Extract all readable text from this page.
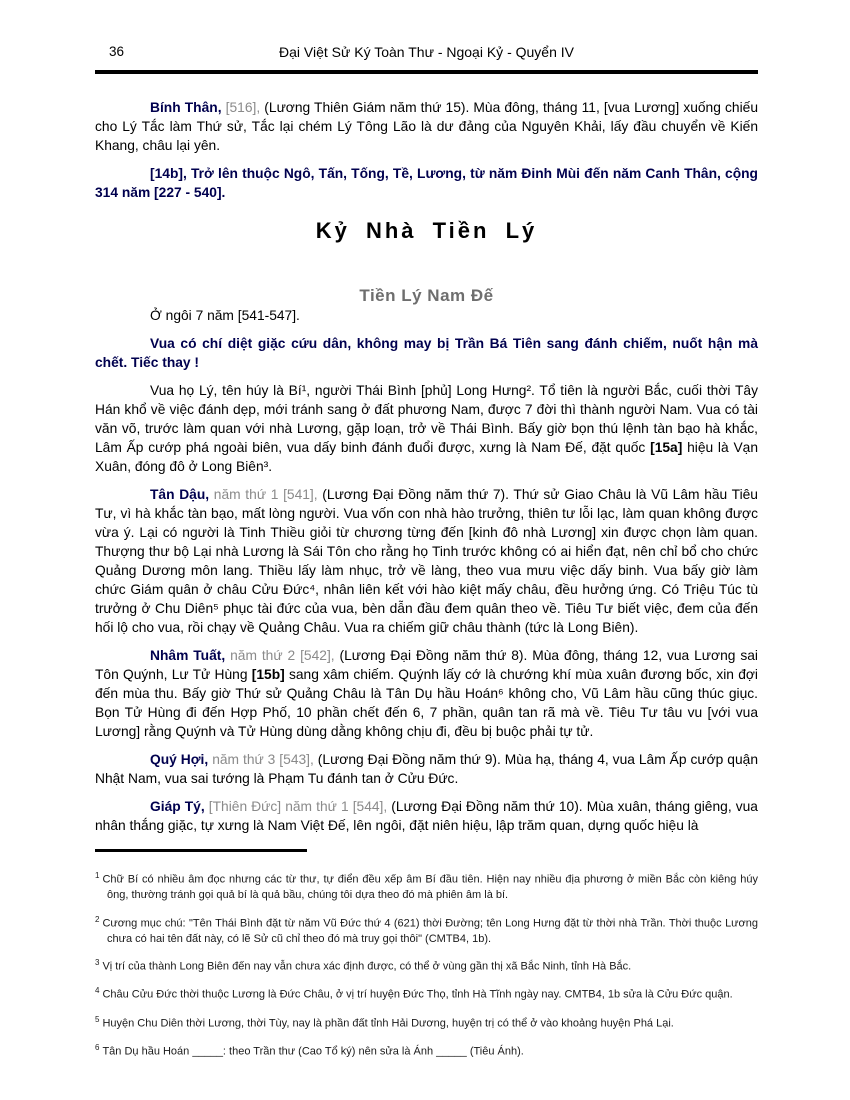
36	Đại Việt Sử Ký Toàn Thư - Ngoại Kỷ - Quyển IV

Bính Thân, [516], (Lương Thiên Giám năm thứ 15). Mùa đông, tháng 11, [vua Lương] xuống chiếu cho Lý Tắc làm Thứ sử, Tắc lại chém Lý Tông Lão là dư đảng của Nguyên Khải, lấy đầu chuyển về Kiến Khang, châu lại yên.

[14b], Trở lên thuộc Ngô, Tấn, Tống, Tề, Lương, từ năm Đinh Mùi đến năm Canh Thân, cộng 314 năm [227 - 540].

Kỷ Nhà Tiền Lý
Tiền Lý Nam Đế

Ở ngôi 7 năm [541-547].

Vua có chí diệt giặc cứu dân, không may bị Trần Bá Tiên sang đánh chiếm, nuốt hận mà chết. Tiếc thay !

Vua họ Lý, tên húy là Bí¹, người Thái Bình [phủ] Long Hưng². Tổ tiên là người Bắc, cuối thời Tây Hán khổ về việc đánh dẹp, mới tránh sang ở đất phương Nam, được 7 đời thì thành người Nam. Vua có tài văn võ, trước làm quan với nhà Lương, gặp loạn, trở về Thái Bình. Bấy giờ bọn thú lệnh tàn bạo hà khắc, Lâm Ấp cướp phá ngoài biên, vua dấy binh đánh đuổi được, xưng là Nam Đế, đặt quốc [15a] hiệu là Vạn Xuân, đóng đô ở Long Biên³.

Tân Dậu, năm thứ 1 [541], (Lương Đại Đồng năm thứ 7). Thứ sử Giao Châu là Vũ Lâm hầu Tiêu Tư, vì hà khắc tàn bạo, mất lòng người. Vua vốn con nhà hào trưởng, thiên tư lỗi lạc, làm quan không được vừa ý. Lại có người là Tinh Thiều giỏi từ chương từng đến [kinh đô nhà Lương] xin được chọn làm quan. Thượng thư bộ Lại nhà Lương là Sái Tôn cho rằng họ Tinh trước không có ai hiển đạt, nên chỉ bổ cho chức Quảng Dương môn lang. Thiều lấy làm nhục, trở về làng, theo vua mưu việc dấy binh. Vua bấy giờ làm chức Giám quân ở châu Cửu Đức⁴, nhân liên kết với hào kiệt mấy châu, đều hưởng ứng. Có Triệu Túc tù trưởng ở Chu Diên⁵ phục tài đức của vua, bèn dẫn đầu đem quân theo về. Tiêu Tư biết việc, đem của đến hối lộ cho vua, rồi chạy về Quảng Châu. Vua ra chiếm giữ châu thành (tức là Long Biên).

Nhâm Tuất, năm thứ 2 [542], (Lương Đại Đồng năm thứ 8). Mùa đông, tháng 12, vua Lương sai Tôn Quýnh, Lư Tử Hùng [15b] sang xâm chiếm. Quýnh lấy cớ là chướng khí mùa xuân đương bốc, xin đợi đến mùa thu. Bấy giờ Thứ sử Quảng Châu là Tân Dụ hầu Hoán⁶ không cho, Vũ Lâm hầu cũng thúc giục. Bọn Tử Hùng đi đến Hợp Phố, 10 phần chết đến 6, 7 phần, quân tan rã mà về. Tiêu Tư tâu vu [với vua Lương] rằng Quýnh và Tử Hùng dùng dằng không chịu đi, đều bị buộc phải tự tử.

Quý Hợi, năm thứ 3 [543], (Lương Đại Đồng năm thứ 9). Mùa hạ, tháng 4, vua Lâm Ấp cướp quận Nhật Nam, vua sai tướng là Phạm Tu đánh tan ở Cửu Đức.

Giáp Tý, [Thiên Đức] năm thứ 1 [544], (Lương Đại Đồng năm thứ 10). Mùa xuân, tháng giêng, vua nhân thắng giặc, tự xưng là Nam Việt Đế, lên ngôi, đặt niên hiệu, lập trăm quan, dựng quốc hiệu là

$^1$ Chữ Bí có nhiều âm đọc nhưng các từ thư, tự điển đều xếp âm Bí đầu tiên. Hiện nay nhiều địa phương ở miền Bắc còn kiêng húy ông, thường tránh gọi quả bí là quả bầu, chúng tôi dựa theo đó mà phiên âm là bí.
$^2$ Cương mục chú: "Tên Thái Bình đặt từ năm Vũ Đức thứ 4 (621) thời Đường; tên Long Hưng đặt từ thời nhà Trần. Thời thuộc Lương chưa có hai tên đất này, có lẽ Sử cũ chỉ theo đó mà truy gọi thôi" (CMTB4, 1b).
$^3$ Vị trí của thành Long Biên đến nay vẫn chưa xác định được, có thể ở vùng gần thị xã Bắc Ninh, tỉnh Hà Bắc.
$^4$ Châu Cửu Đức thời thuộc Lương là Đức Châu, ở vị trí huyện Đức Thọ, tỉnh Hà Tĩnh ngày nay. CMTB4, 1b sửa là Cửu Đức quận.
$^5$ Huyện Chu Diên thời Lương, thời Tùy, nay là phần đất tỉnh Hải Dương, huyện trị có thể ở vào khoảng huyện Phá Lại.
$^6$ Tân Dụ hầu Hoán _____: theo Trần thư (Cao Tổ ký) nên sửa là Ánh _____ (Tiêu Ánh).
